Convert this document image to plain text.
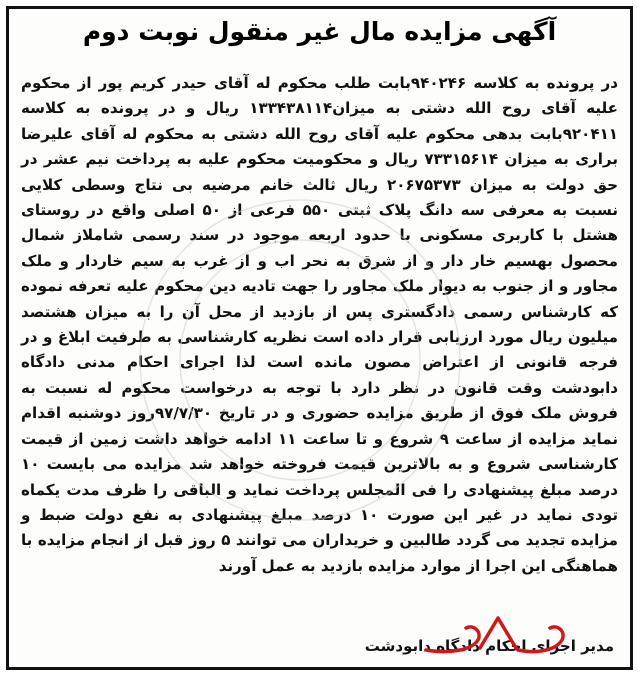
آگهی مزایده مال غیر منقول نوبت دوم
در پرونده به کلاسه ۹۴۰۲۴۶بابت طلب محکوم له آقای حیدر کریم پور از محکوم علیه آقای روح الله دشتی به میزان۱۳۳۴۳۸۱۱۴ ریال و در پرونده به کلاسه ۹۲۰۴۱۱بابت بدهی محکوم علیه آقای روح الله دشتی به محکوم له آقای علیرضا براری به میزان ۷۳۳۱۵۶۱۴ ریال و محکومیت محکوم علیه به پرداخت نیم عشر در حق دولت به میزان ۲۰۶۷۵۳۷۳ ریال ثالث خانم مرضیه بی نتاج وسطی کلایی نسبت به معرفی سه دانگ پلاک ثبتی ۵۵۰ فرعی از ۵۰ اصلی واقع در روستای هشتل با کاربری مسکونی با حدود اربعه موجود در سند رسمی شاملاز شمال محصول بهسیم خار دار و از شرق به نحر اب و از غرب به سیم خاردار و ملک مجاور و از جنوب به دیوار ملک مجاور را جهت تادیه دین محکوم علیه تعرفه نموده که کارشناس رسمی دادگستری پس از بازدید از محل آن را به میزان هشتصد میلیون ریال مورد ارزیابی قرار داده است نظریه کارشناسی به طرفیت ابلاغ و در فرجه قانونی از اعتراض مصون مانده است لذا اجرای احکام مدنی دادگاه دابودشت وقت قانون در نظر دارد با توجه به درخواست محکوم له نسبت به فروش ملک فوق از طریق مزایده حضوری و در تاریخ ۹۷/۷/۳۰روز دوشنبه اقدام نماید مزایده از ساعت ۹ شروع و تا ساعت ۱۱ ادامه خواهد داشت زمین از قیمت کارشناسی شروع و به بالاترین قیمت فروخته خواهد شد مزایده می بایست ۱۰ درصد مبلغ پیشنهادی را فی المجلس پرداخت نماید و الباقی را ظرف مدت یکماه تودی نماید در غیر این صورت ۱۰ درصد مبلغ پیشنهادی به نفع دولت ضبط و مزایده تجدید می گردد طالبین و خریداران می توانند ۵ روز قبل از انجام مزایده با هماهنگی این اجرا از موارد مزایده بازدید به عمل آورند
مدیر اجرای احکام دادگاه دابودشت
